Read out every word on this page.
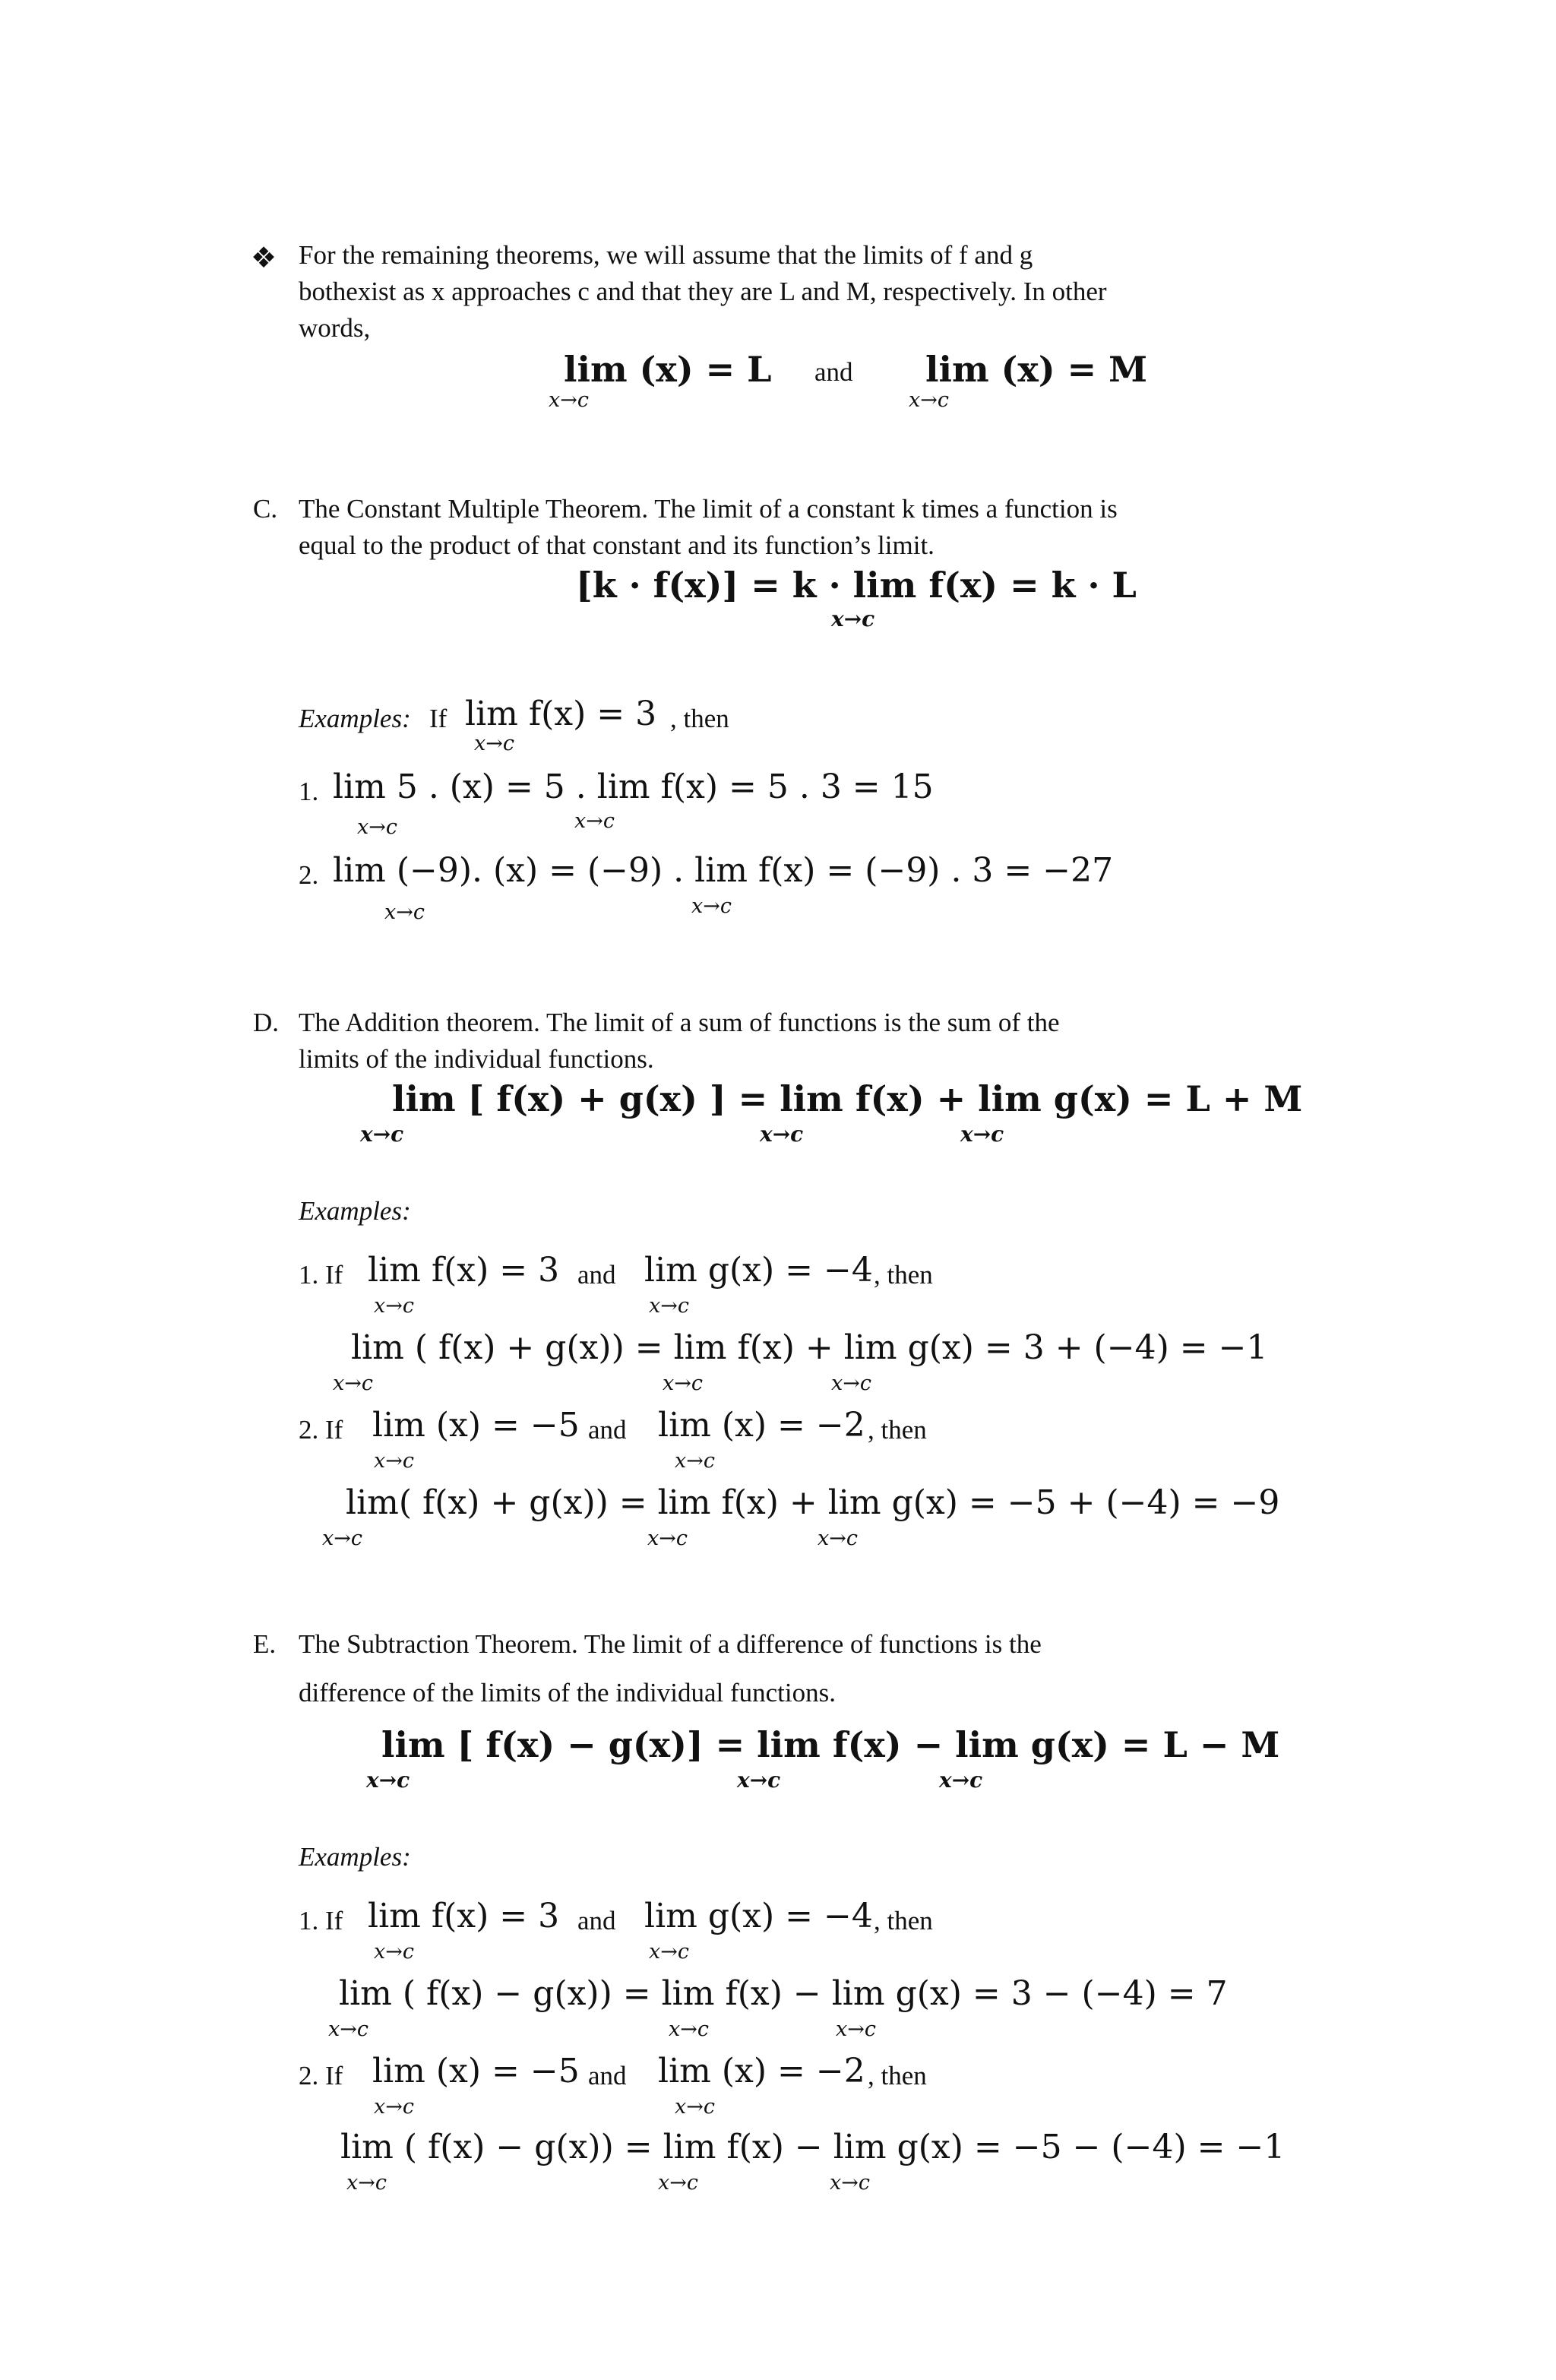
❖ For the remaining theorems, we will assume that the limits of f and g
bothexist as x approaches c and that they are L and M, respectively. In other
words,
lim (x) = L
x→c
and lim (x) = M
x→c
C. The Constant Multiple Theorem. The limit of a constant k times a function is
equal to the product of that constant and its function’s limit.
[k · f(x)] = k · lim f(x) = k · L
x→c
Examples: If lim f(x) = 3
x→c
, then
1. lim 5 . (x) = 5 . lim f(x) = 5 . 3 = 15
x→c	x→c
2. lim (−9). (x) = (−9) . lim f(x) = (−9) . 3 = −27
x→c	x→c
D. The Addition theorem. The limit of a sum of functions is the sum of the
limits of the individual functions.
lim [ f(x) + g(x) ] = lim f(x) + lim g(x) = L + M
x→c	x→c	x→c
Examples:
1. If lim f(x) = 3
x→c
and lim g(x) = −4
x→c
, then
lim ( f(x) + g(x)) = lim f(x) + lim g(x) = 3 + (−4) = −1
x→c	x→c	x→c
2. If lim (x) = −5
x→c
and lim (x) = −2
x→c
, then
lim( f(x) + g(x)) = lim f(x) + lim g(x) = −5 + (−4) = −9
x→c	x→c	x→c
E. The Subtraction Theorem. The limit of a difference of functions is the
difference of the limits of the individual functions.
lim [ f(x) − g(x)] = lim f(x) − lim g(x) = L − M
x→c	x→c	x→c
Examples:
1. If lim f(x) = 3
x→c
and lim g(x) = −4
x→c
, then
lim ( f(x) − g(x)) = lim f(x) − lim g(x) = 3 − (−4) = 7
x→c	x→c	x→c
2. If lim (x) = −5
x→c
and lim (x) = −2
x→c
, then
lim ( f(x) − g(x)) = lim f(x) − lim g(x) = −5 − (−4) = −1
x→c	x→c	x→c
